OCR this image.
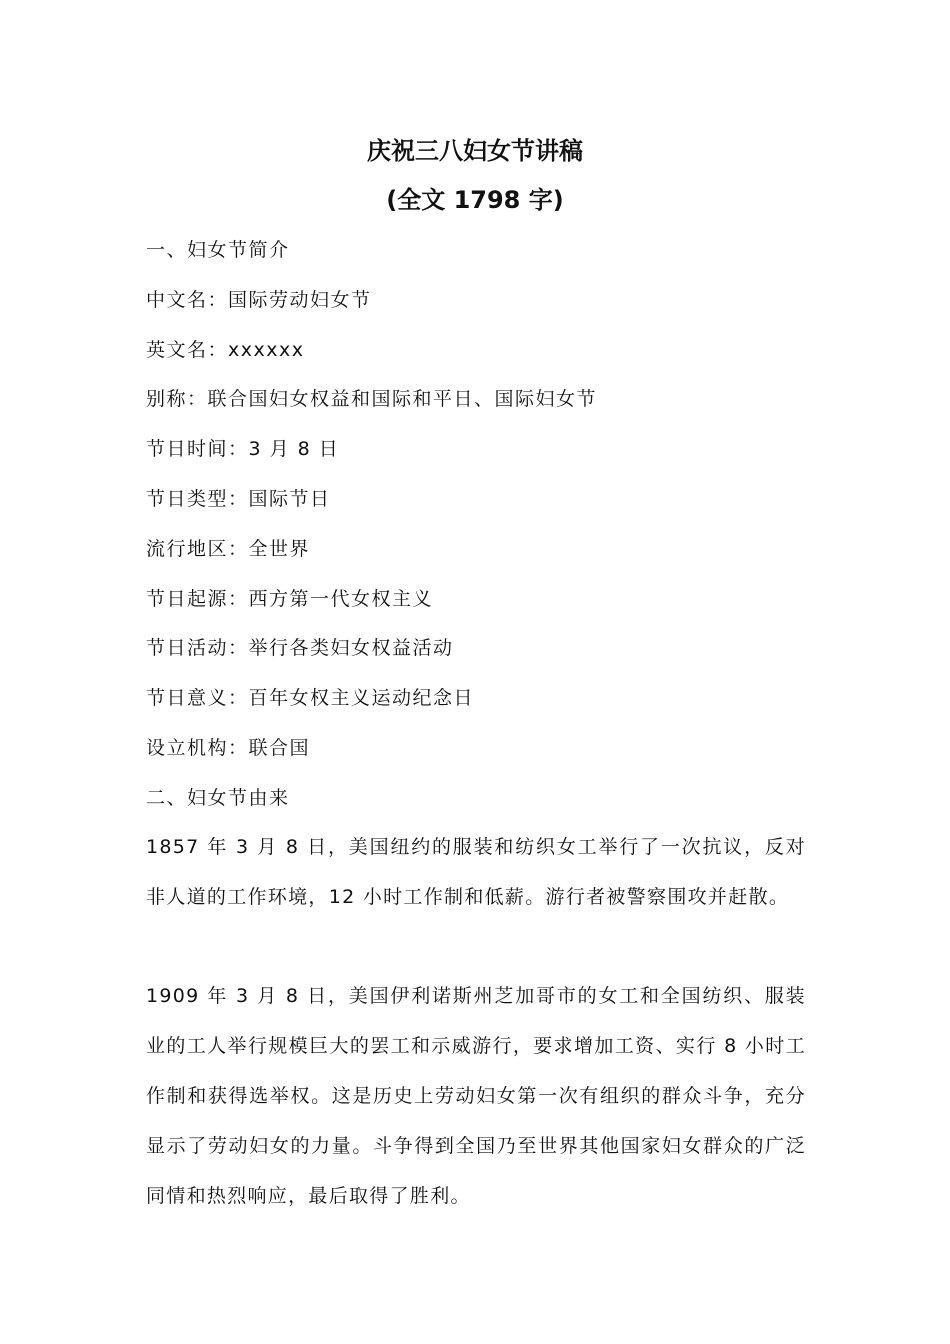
庆祝三八妇女节讲稿
(全文 1798 字)

一、妇女节简介

中文名：国际劳动妇女节

英文名：xxxxxx

别称：联合国妇女权益和国际和平日、国际妇女节

节日时间：3 月 8 日

节日类型：国际节日

流行地区：全世界

节日起源：西方第一代女权主义

节日活动：举行各类妇女权益活动

节日意义：百年女权主义运动纪念日

设立机构：联合国

二、妇女节由来

1857 年 3 月 8 日，美国纽约的服装和纺织女工举行了一次抗议，反对非人道的工作环境，12 小时工作制和低薪。游行者被警察围攻并赶散。

1909 年 3 月 8 日，美国伊利诺斯州芝加哥市的女工和全国纺织、服装业的工人举行规模巨大的罢工和示威游行，要求增加工资、实行 8 小时工作制和获得选举权。这是历史上劳动妇女第一次有组织的群众斗争，充分显示了劳动妇女的力量。斗争得到全国乃至世界其他国家妇女群众的广泛同情和热烈响应，最后取得了胜利。
